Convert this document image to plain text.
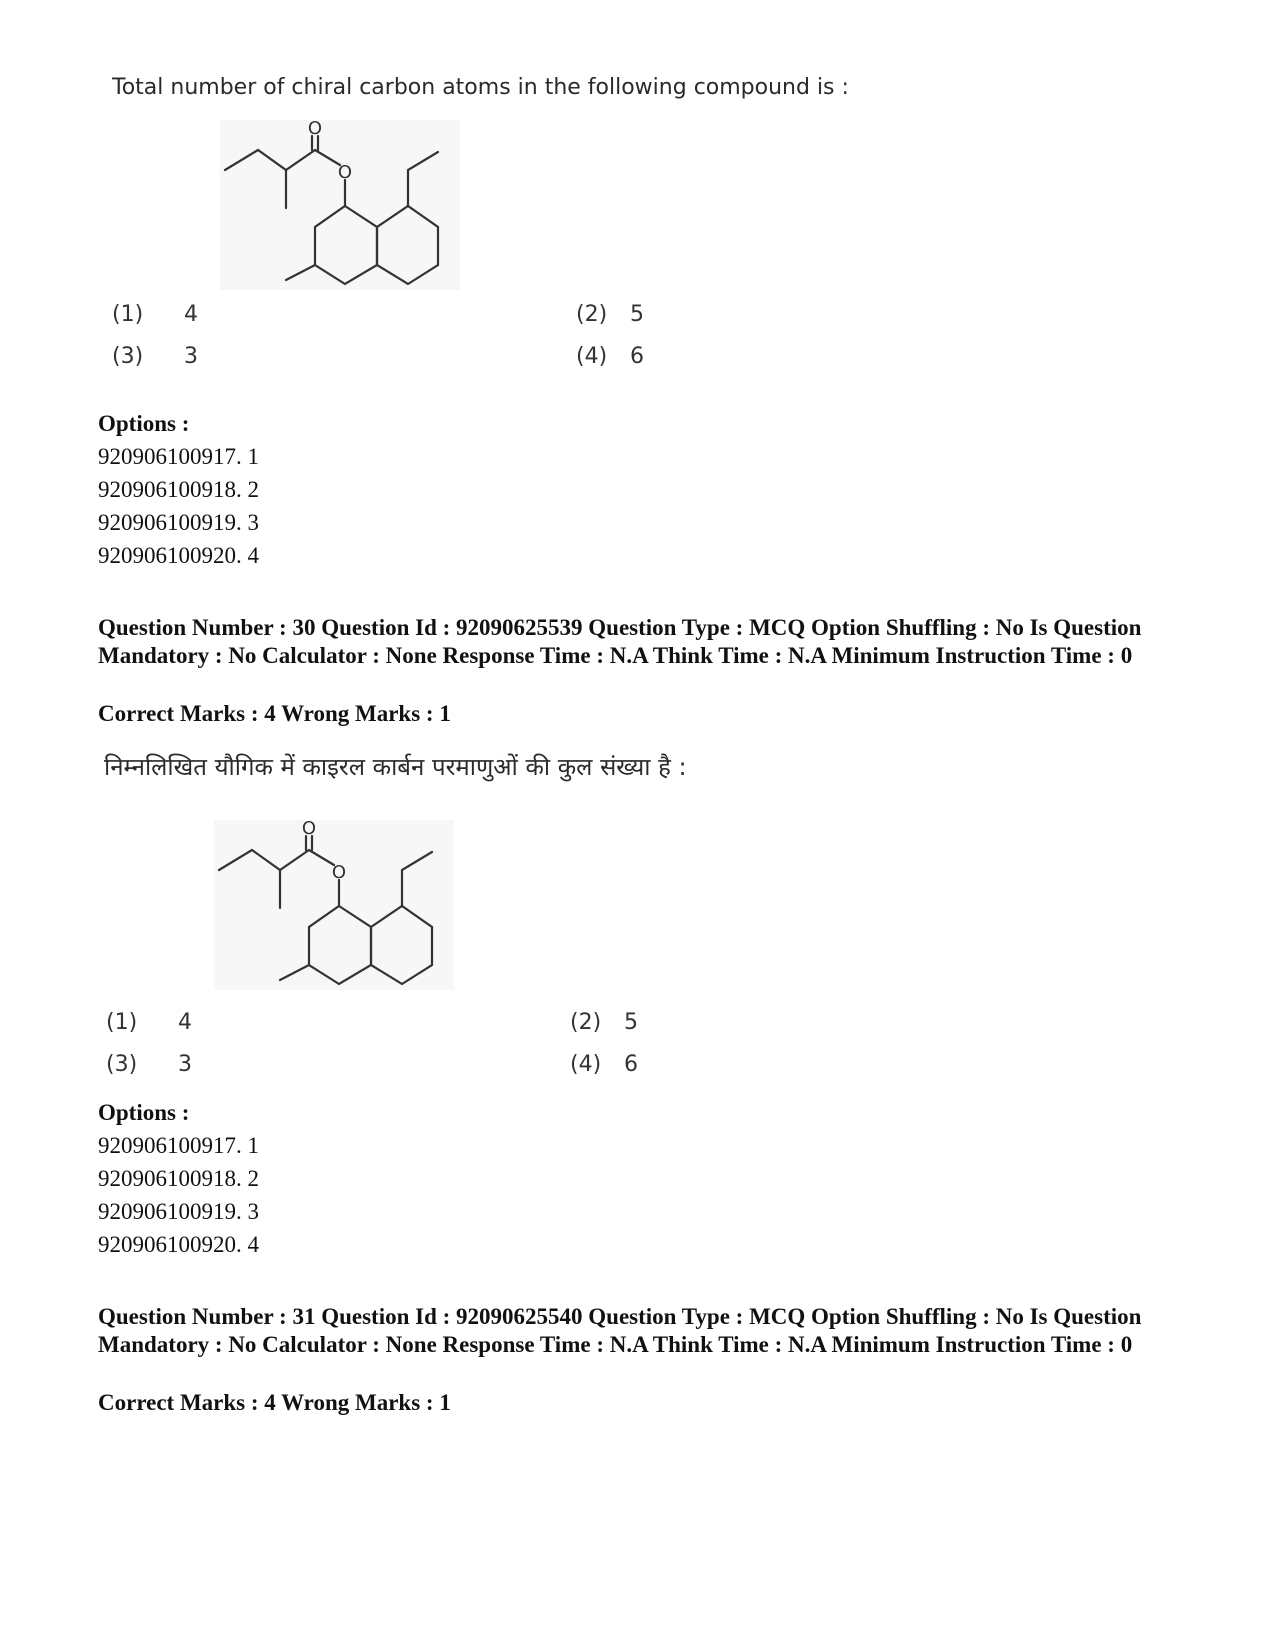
Total number of chiral carbon atoms in the following compound is :
O
O
(1) 4	(2) 5
(3) 3	(4) 6
Options :
920906100917. 1
920906100918. 2
920906100919. 3
920906100920. 4
Question Number : 30 Question Id : 92090625539 Question Type : MCQ Option Shuffling : No Is Question Mandatory : No Calculator : None Response Time : N.A Think Time : N.A Minimum Instruction Time : 0
Correct Marks : 4 Wrong Marks : 1
निम्नलिखित यौगिक में काइरल कार्बन परमाणुओं की कुल संख्या है :
O
O
(1) 4	(2) 5
(3) 3	(4) 6
Options :
920906100917. 1
920906100918. 2
920906100919. 3
920906100920. 4
Question Number : 31 Question Id : 92090625540 Question Type : MCQ Option Shuffling : No Is Question Mandatory : No Calculator : None Response Time : N.A Think Time : N.A Minimum Instruction Time : 0
Correct Marks : 4 Wrong Marks : 1
